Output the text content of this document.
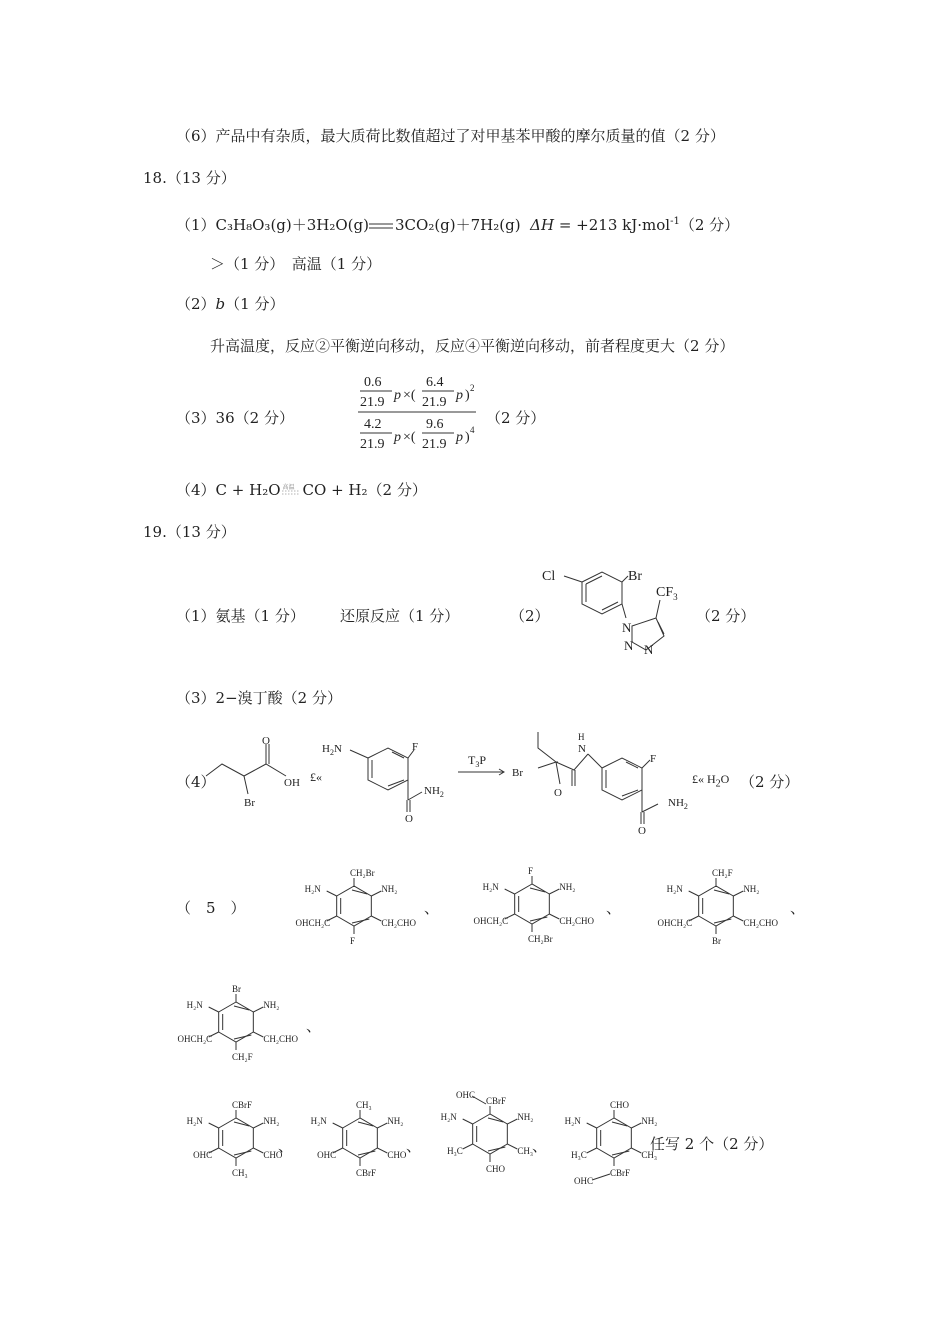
（6）产品中有杂质，最大质荷比数值超过了对甲基苯甲酸的摩尔质量的值（2 分）
18.（13 分）
（1）C₃H₈O₃(g)＋3H₂O(g) 3CO₂(g)＋7H₂(g) ΔH = +213 kJ·mol$^{-1}$（2 分）
＞（1 分）　高温（1 分）
（2）b（1 分）
升高温度，反应②平衡逆向移动，反应④平衡逆向移动，前者程度更大（2 分）
（3）36（2 分）
0.6
21.9 p ×(
6.4
21.9 p ) 2
4.2
21.9 p ×(
9.6
21.9 p ) 4
（2 分）
（4）C + H₂O 高温 CO + H₂（2 分）
19.（13 分）
（1）氨基（1 分） 还原反应（1 分）	（2）
Cl	Br
N
N N
$CF_3$
（2 分）
（3）2−溴丁酸（2 分）
（4）
O
OH
Br
£«
$H_2N$	F
$NH_2$
O
$T_3P$
Br
O
N
H
F
$NH_2$
O
£« $H_2O$ （2 分）
（　5　）
CH₂Br
H₂N	NH₂
OHCH₂C	CH₂CHO
F
F
H₂N	NH₂
OHCH₂C	CH₂CHO
CH₂Br
CH₂F
H₂N	NH₂
OHCH₂C	CH₂CHO
Br
Br
H₂N	NH₂
OHCH₂C	CH₂CHO
CH₂F
CBrF
H₂N	NH₂
OHC	CHO
CH₃
CH₃
H₂N	NH₂
OHC	CHO
CBrF
CBrF
OHC
H₂N	NH₂
H₃C	CH₃
CHO
CHO
H₂N	NH₂
H₃C	CH₃
CBrF
OHC
、	、	、
、
、	、	、	任写 2 个（2 分）
